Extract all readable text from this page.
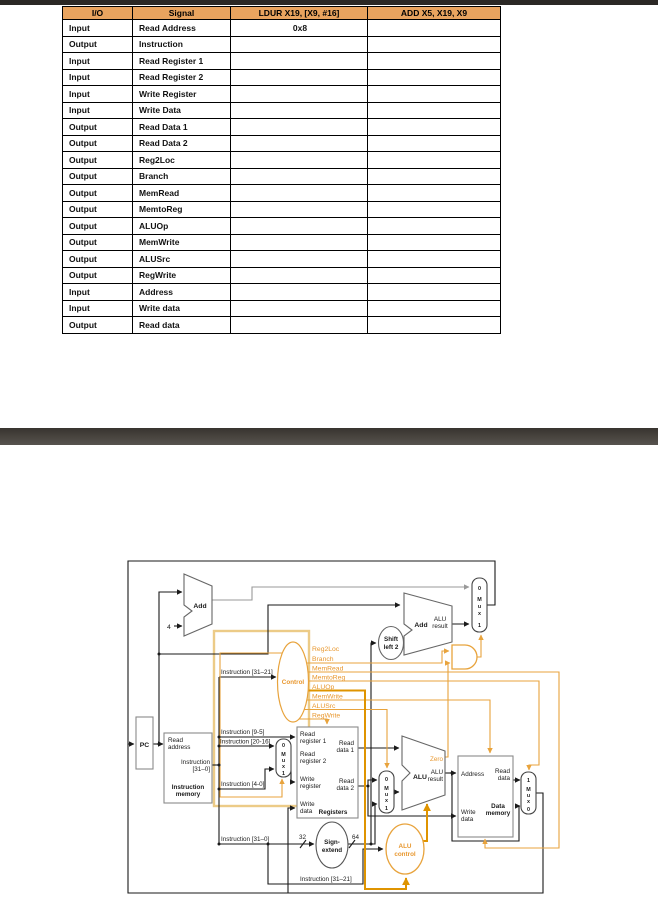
I/O	Signal	LDUR X19, [X9, #16]	ADD X5, X19, X9
Input	Read Address	0x8	
Output	Instruction		
Input	Read Register 1		
Input	Read Register 2		
Input	Write Register		
Input	Write Data		
Output	Read Data 1		
Output	Read Data 2		
Output	Reg2Loc		
Output	Branch		
Output	MemRead		
Output	MemtoReg		
Output	ALUOp		
Output	MemWrite		
Output	ALUSrc		
Output	RegWrite		
Input	Address		
Input	Write data		
Output	Read data		
PC
Add
4	Add
ALU
result
Shift
left 2
0
M
u
x
1
Control
Reg2Loc
Branch
MemRead
MemtoReg
ALUOp
MemWrite
ALUSrc
RegWrite
Read
address
Instruction
[31–0]
Instruction
memory
Instruction [31–21]
Instruction [9-5]
Instruction [20-16]
Instruction [4-0]
Instruction [31–0]
Instruction [31–21]
0
M
u
x
1
Read
register 1
Read
register 2
Write
register
Write
data
Read
data 1
Read
data 2
Registers
0
M
u
x
1
ALU
Zero
ALU
result
Sign-
extend
32	64
ALU
control
Address Read
data
Write
data
Data
memory
1
M
u
x
0
